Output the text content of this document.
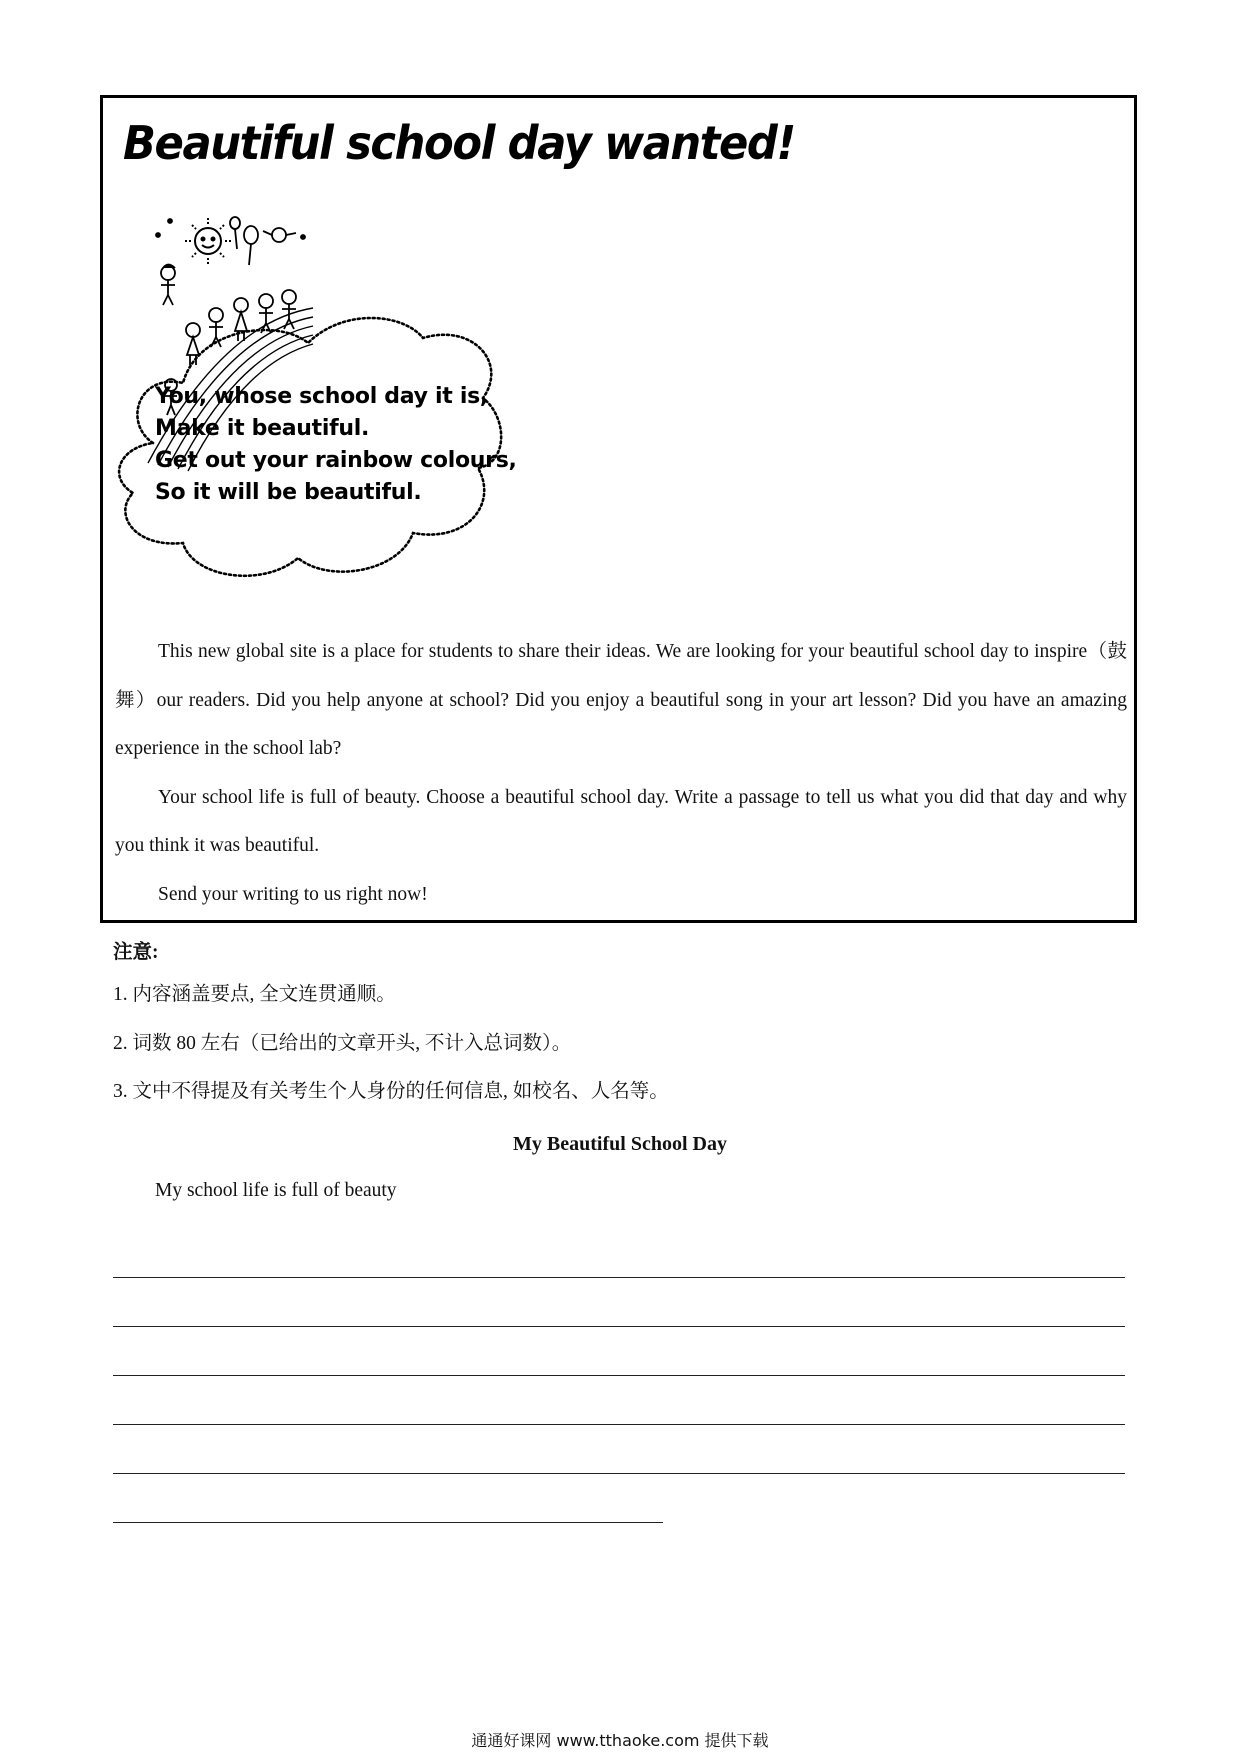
Beautiful school day wanted!
You, whose school day it is,
Make it beautiful.
Get out your rainbow colours,
So it will be beautiful.

This new global site is a place for students to share their ideas. We are looking for your beautiful school day to inspire（鼓舞）our readers. Did you help anyone at school? Did you enjoy a beautiful song in your art lesson? Did you have an amazing experience in the school lab?

Your school life is full of beauty. Choose a beautiful school day. Write a passage to tell us what you did that day and why you think it was beautiful.

Send your writing to us right now!

注意:

1. 内容涵盖要点, 全文连贯通顺。
2. 词数 80 左右（已给出的文章开头, 不计入总词数）。
3. 文中不得提及有关考生个人身份的任何信息, 如校名、人名等。
My Beautiful School Day
My school life is full of beauty
通通好课网 www.tthaoke.com 提供下载
